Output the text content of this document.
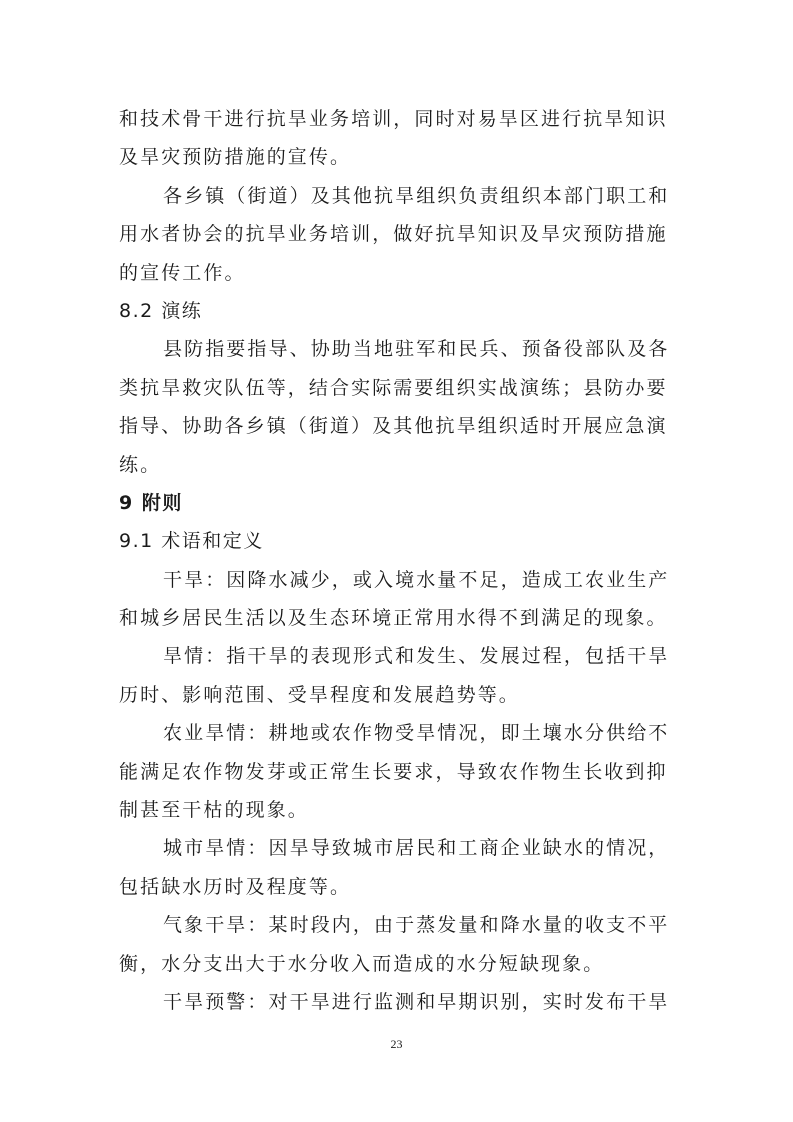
和技术骨干进行抗旱业务培训，同时对易旱区进行抗旱知识
及旱灾预防措施的宣传。
各乡镇（街道）及其他抗旱组织负责组织本部门职工和
用水者协会的抗旱业务培训，做好抗旱知识及旱灾预防措施
的宣传工作。
8.2 演练
县防指要指导、协助当地驻军和民兵、预备役部队及各
类抗旱救灾队伍等，结合实际需要组织实战演练；县防办要
指导、协助各乡镇（街道）及其他抗旱组织适时开展应急演
练。
9 附则
9.1 术语和定义
干旱：因降水减少，或入境水量不足，造成工农业生产
和城乡居民生活以及生态环境正常用水得不到满足的现象。
旱情：指干旱的表现形式和发生、发展过程，包括干旱
历时、影响范围、受旱程度和发展趋势等。
农业旱情：耕地或农作物受旱情况，即土壤水分供给不
能满足农作物发芽或正常生长要求，导致农作物生长收到抑
制甚至干枯的现象。
城市旱情：因旱导致城市居民和工商企业缺水的情况，
包括缺水历时及程度等。
气象干旱：某时段内，由于蒸发量和降水量的收支不平
衡，水分支出大于水分收入而造成的水分短缺现象。
干旱预警：对干旱进行监测和早期识别，实时发布干旱
23
